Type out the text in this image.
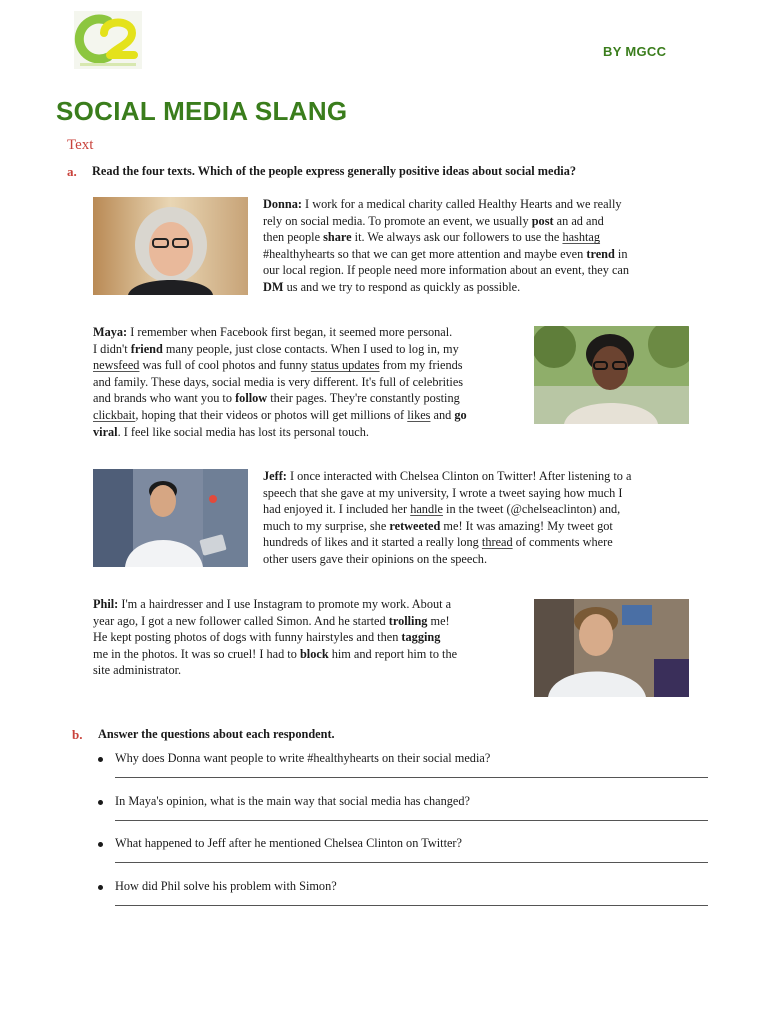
BY MGCC
SOCIAL MEDIA SLANG
Text
a. Read the four texts. Which of the people express generally positive ideas about social media?
Donna: I work for a medical charity called Healthy Hearts and we really
rely on social media. To promote an event, we usually post an ad and
then people share it. We always ask our followers to use the hashtag
#healthyhearts so that we can get more attention and maybe even trend in
our local region. If people need more information about an event, they can
DM us and we try to respond as quickly as possible.
Maya: I remember when Facebook first began, it seemed more personal.
I didn't friend many people, just close contacts. When I used to log in, my
newsfeed was full of cool photos and funny status updates from my friends
and family. These days, social media is very different. It's full of celebrities
and brands who want you to follow their pages. They're constantly posting
clickbait, hoping that their videos or photos will get millions of likes and go
viral. I feel like social media has lost its personal touch.
Jeff: I once interacted with Chelsea Clinton on Twitter! After listening to a
speech that she gave at my university, I wrote a tweet saying how much I
had enjoyed it. I included her handle in the tweet (@chelseaclinton) and,
much to my surprise, she retweeted me! It was amazing! My tweet got
hundreds of likes and it started a really long thread of comments where
other users gave their opinions on the speech.
Phil: I'm a hairdresser and I use Instagram to promote my work. About a
year ago, I got a new follower called Simon. And he started trolling me!
He kept posting photos of dogs with funny hairstyles and then tagging
me in the photos. It was so cruel! I had to block him and report him to the
site administrator.
b. Answer the questions about each respondent.
Why does Donna want people to write #healthyhearts on their social media?
In Maya's opinion, what is the main way that social media has changed?
What happened to Jeff after he mentioned Chelsea Clinton on Twitter?
How did Phil solve his problem with Simon?
